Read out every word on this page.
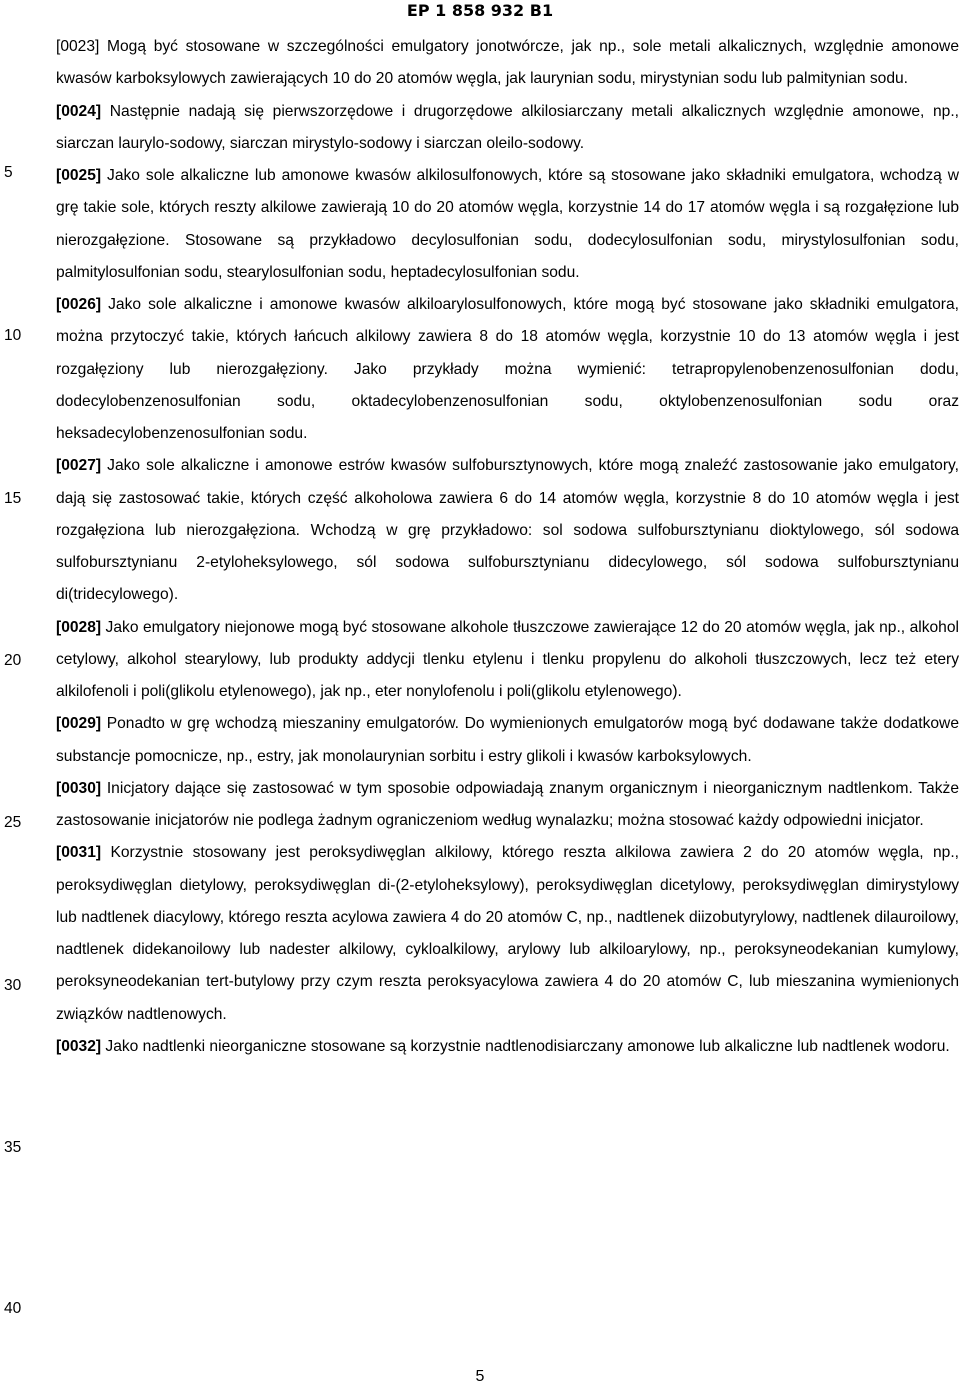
EP 1 858 932 B1
5
10
15
20
25
30
35
40

[0023] Mogą być stosowane w szczególności emulgatory jonotwórcze, jak np., sole metali alkalicznych, względnie amonowe kwasów karboksylowych zawierających 10 do 20 atomów węgla, jak laurynian sodu, mirystynian sodu lub palmitynian sodu.

[0024] Następnie nadają się pierwszorzędowe i drugorzędowe alkilosiarczany metali alkalicznych względnie amonowe, np., siarczan laurylo-sodowy, siarczan mirystylo-sodowy i siarczan oleilo-sodowy.

[0025] Jako sole alkaliczne lub amonowe kwasów alkilosulfonowych, które są stosowane jako składniki emulgatora, wchodzą w grę takie sole, których reszty alkilowe zawierają 10 do 20 atomów węgla, korzystnie 14 do 17 atomów węgla i są rozgałęzione lub nierozgałęzione. Stosowane są przykładowo decylosulfonian sodu, dodecylosulfonian sodu, mirystylosulfonian sodu, palmitylosulfonian sodu, stearylosulfonian sodu, heptadecylosulfonian sodu.

[0026] Jako sole alkaliczne i amonowe kwasów alkiloarylosulfonowych, które mogą być stosowane jako składniki emulgatora, można przytoczyć takie, których łańcuch alkilowy zawiera 8 do 18 atomów węgla, korzystnie 10 do 13 atomów węgla i jest rozgałęziony lub nierozgałęziony. Jako przykłady można wymienić: tetrapropylenobenzenosulfonian dodu, dodecylobenzenosulfonian sodu, oktadecylobenzenosulfonian sodu, oktylobenzenosulfonian sodu oraz heksadecylobenzenosulfonian sodu.

[0027] Jako sole alkaliczne i amonowe estrów kwasów sulfobursztynowych, które mogą znaleźć zastosowanie jako emulgatory, dają się zastosować takie, których część alkoholowa zawiera 6 do 14 atomów węgla, korzystnie 8 do 10 atomów węgla i jest rozgałęziona lub nierozgałęziona. Wchodzą w grę przykładowo: sol sodowa sulfobursztynianu dioktylowego, sól sodowa sulfobursztynianu 2-etyloheksylowego, sól sodowa sulfobursztynianu didecylowego, sól sodowa sulfobursztynianu di(tridecylowego).

[0028] Jako emulgatory niejonowe mogą być stosowane alkohole tłuszczowe zawierające 12 do 20 atomów węgla, jak np., alkohol cetylowy, alkohol stearylowy, lub produkty addycji tlenku etylenu i tlenku propylenu do alkoholi tłuszczowych, lecz też etery alkilofenoli i poli(glikolu etylenowego), jak np., eter nonylofenolu i poli(glikolu etylenowego).

[0029] Ponadto w grę wchodzą mieszaniny emulgatorów. Do wymienionych emulgatorów mogą być dodawane także dodatkowe substancje pomocnicze, np., estry, jak monolaurynian sorbitu i estry glikoli i kwasów karboksylowych.

[0030] Inicjatory dające się zastosować w tym sposobie odpowiadają znanym organicznym i nieorganicznym nadtlenkom. Także zastosowanie inicjatorów nie podlega żadnym ograniczeniom według wynalazku; można stosować każdy odpowiedni inicjator.

[0031] Korzystnie stosowany jest peroksydiwęglan alkilowy, którego reszta alkilowa zawiera 2 do 20 atomów węgla, np., peroksydiwęglan dietylowy, peroksydiwęglan di-(2-etyloheksylowy), peroksydiwęglan dicetylowy, peroksydiwęglan dimirystylowy lub nadtlenek diacylowy, którego reszta acylowa zawiera 4 do 20 atomów C, np., nadtlenek diizobutyrylowy, nadtlenek dilauroilowy, nadtlenek didekanoilowy lub nadester alkilowy, cykloalkilowy, arylowy lub alkiloarylowy, np., peroksyneodekanian kumylowy, peroksyneodekanian tert-butylowy przy czym reszta peroksyacylowa zawiera 4 do 20 atomów C, lub mieszanina wymienionych związków nadtlenowych.

[0032] Jako nadtlenki nieorganiczne stosowane są korzystnie nadtlenodisiarczany amonowe lub alkaliczne lub nadtlenek wodoru.

5
